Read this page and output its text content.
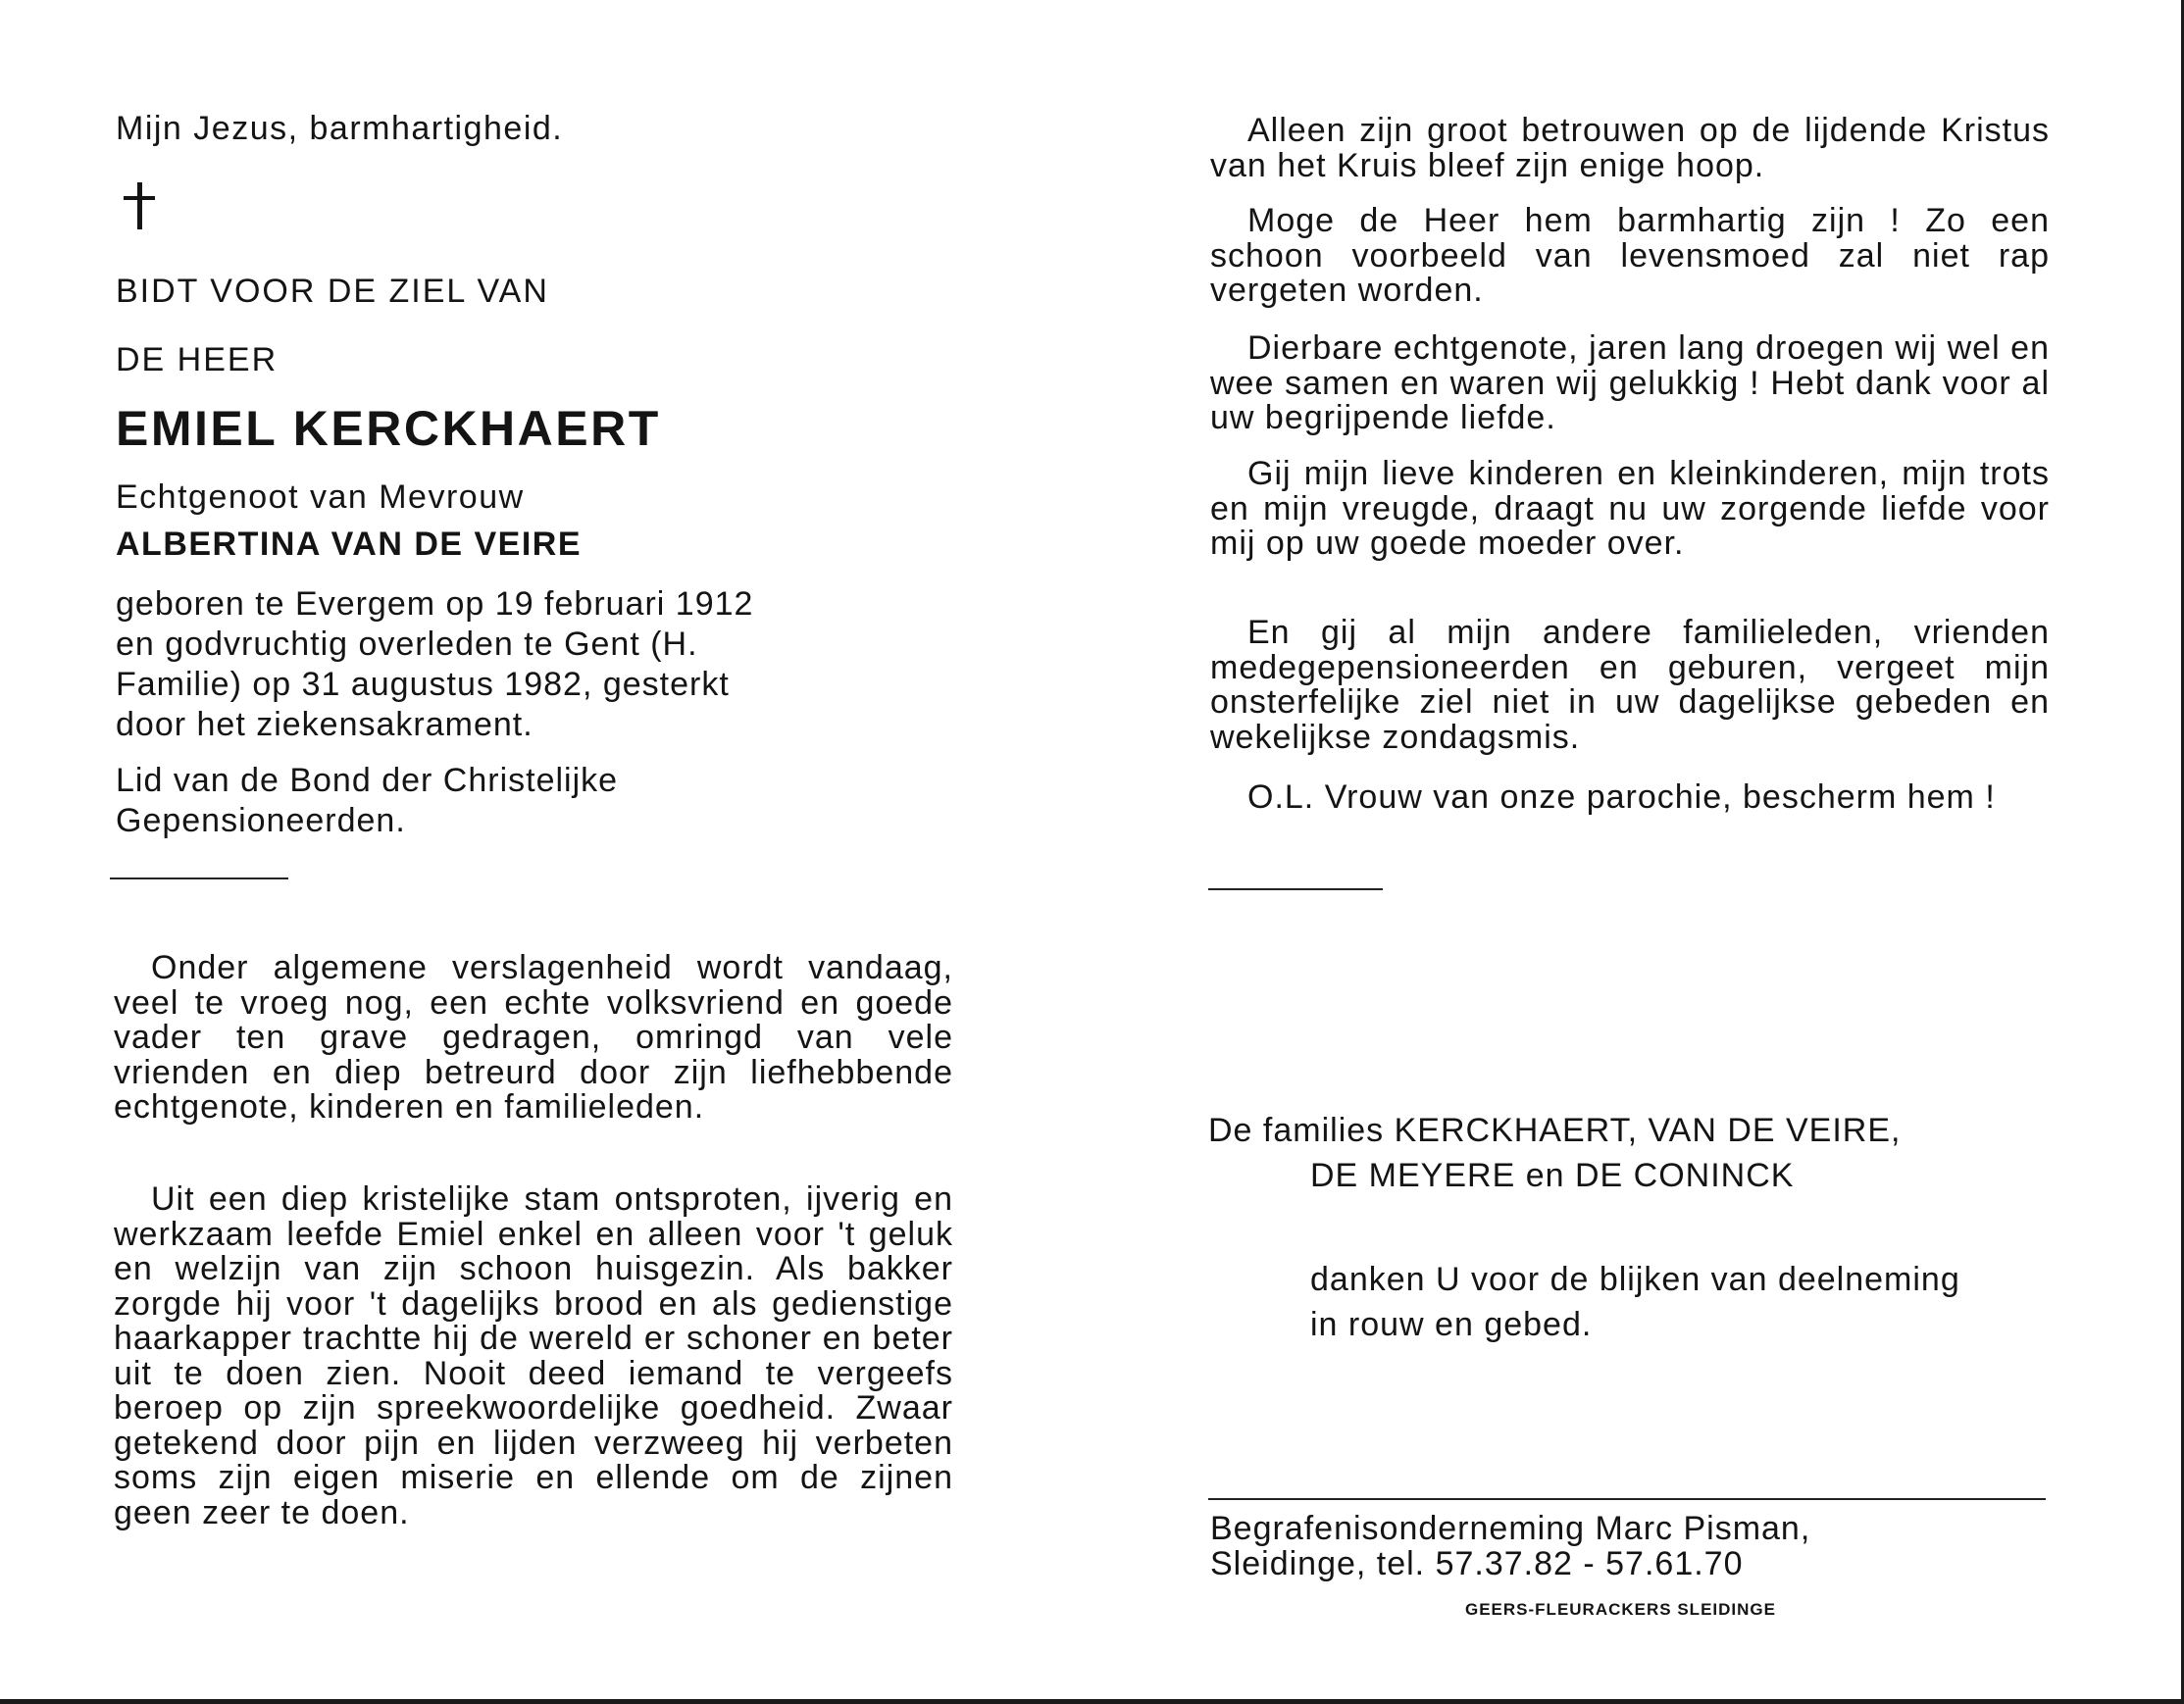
Mijn Jezus, barmhartigheid.
BIDT VOOR DE ZIEL VAN
DE HEER
EMIEL KERCKHAERT
Echtgenoot van Mevrouw
ALBERTINA VAN DE VEIRE
geboren te Evergem op 19 februari 1912 en godvruchtig overleden te Gent (H. Familie) op 31 augustus 1982, gesterkt door het ziekensakrament.
Lid van de Bond der Christelijke Gepensioneerden.
Onder algemene verslagenheid wordt vandaag, veel te vroeg nog, een echte volksvriend en goede vader ten grave gedragen, omringd van vele vrienden en diep betreurd door zijn liefhebbende echtgenote, kinderen en familieleden.
Uit een diep kristelijke stam ontsproten, ijverig en werkzaam leefde Emiel enkel en alleen voor 't geluk en welzijn van zijn schoon huisgezin. Als bakker zorgde hij voor 't dagelijks brood en als gedienstige haarkapper trachtte hij de wereld er schoner en beter uit te doen zien. Nooit deed iemand te vergeefs beroep op zijn spreekwoordelijke goedheid. Zwaar getekend door pijn en lijden verzweeg hij verbeten soms zijn eigen miserie en ellende om de zijnen geen zeer te doen.
Alleen zijn groot betrouwen op de lijdende Kristus van het Kruis bleef zijn enige hoop.
Moge de Heer hem barmhartig zijn ! Zo een schoon voorbeeld van levensmoed zal niet rap vergeten worden.
Dierbare echtgenote, jaren lang droegen wij wel en wee samen en waren wij gelukkig ! Hebt dank voor al uw begrijpende liefde.
Gij mijn lieve kinderen en kleinkinderen, mijn trots en mijn vreugde, draagt nu uw zorgende liefde voor mij op uw goede moeder over.
En gij al mijn andere familieleden, vrienden medegepensioneerden en geburen, vergeet mijn onsterfelijke ziel niet in uw dagelijkse gebeden en wekelijkse zondagsmis.
O.L. Vrouw van onze parochie, bescherm hem !
De families KERCKHAERT, VAN DE VEIRE,
DE MEYERE en DE CONINCK
danken U voor de blijken van deelneming
in rouw en gebed.
Begrafenisonderneming Marc Pisman,
Sleidinge, tel. 57.37.82 - 57.61.70
GEERS-FLEURACKERS SLEIDINGE
